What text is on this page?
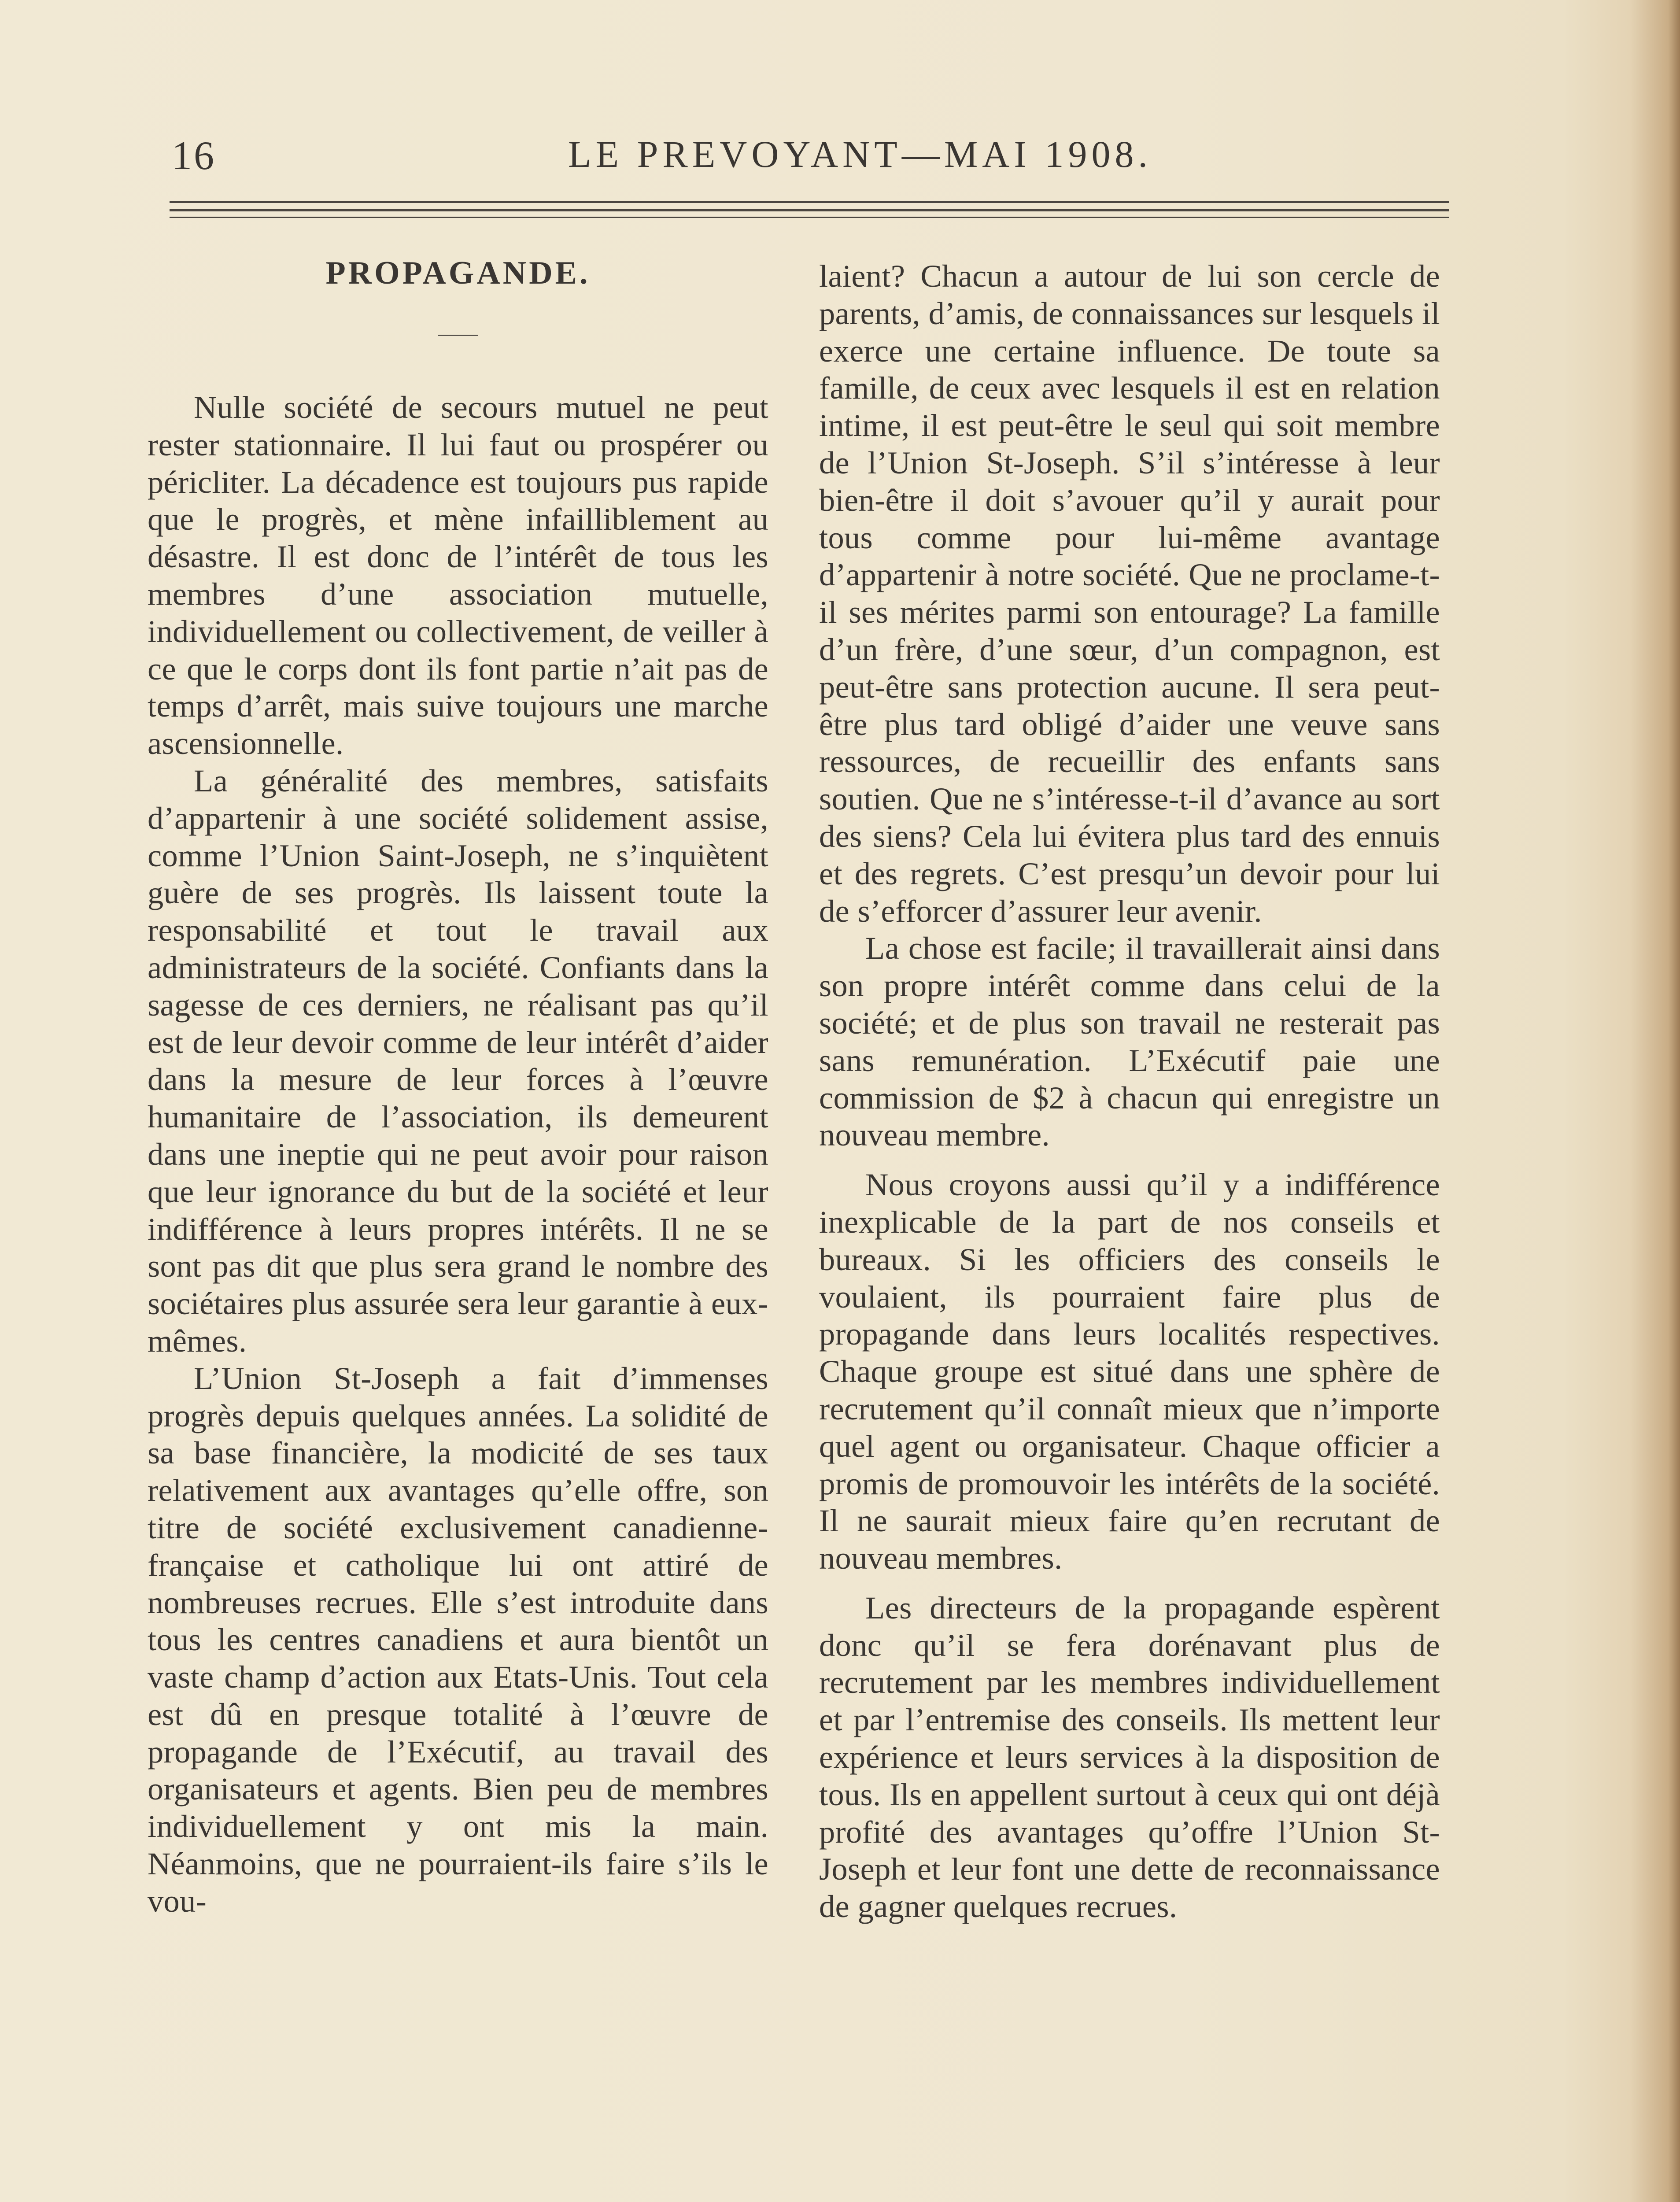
16	LE PREVOYANT—MAI 1908.
PROPAGANDE.

Nulle société de secours mutuel ne peut rester stationnaire. Il lui faut ou prospérer ou péricliter. La décadence est toujours pus rapide que le progrès, et mène infailliblement au désastre. Il est donc de l’intérêt de tous les membres d’une association mutuelle, individuellement ou collectivement, de veiller à ce que le corps dont ils font partie n’ait pas de temps d’arrêt, mais suive toujours une marche ascensionnelle.

La généralité des membres, satisfaits d’appartenir à une société solidement assise, comme l’Union Saint-Joseph, ne s’inquiètent guère de ses progrès. Ils laissent toute la responsabilité et tout le travail aux administrateurs de la société. Confiants dans la sagesse de ces derniers, ne réalisant pas qu’il est de leur devoir comme de leur intérêt d’aider dans la mesure de leur forces à l’œuvre humanitaire de l’association, ils demeurent dans une ineptie qui ne peut avoir pour raison que leur ignorance du but de la société et leur indifférence à leurs propres intérêts. Il ne se sont pas dit que plus sera grand le nombre des sociétaires plus assurée sera leur garantie à eux-mêmes.

L’Union St-Joseph a fait d’immenses progrès depuis quelques années. La solidité de sa base financière, la modicité de ses taux relativement aux avantages qu’elle offre, son titre de société exclusivement canadienne-française et catholique lui ont attiré de nombreuses recrues. Elle s’est introduite dans tous les centres canadiens et aura bientôt un vaste champ d’action aux Etats-Unis. Tout cela est dû en presque totalité à l’œuvre de propagande de l’Exécutif, au travail des organisateurs et agents. Bien peu de membres individuellement y ont mis la main. Néanmoins, que ne pourraient-ils faire s’ils le vou-

laient? Chacun a autour de lui son cercle de parents, d’amis, de connaissances sur lesquels il exerce une certaine influence. De toute sa famille, de ceux avec lesquels il est en relation intime, il est peut-être le seul qui soit membre de l’Union St-Joseph. S’il s’intéresse à leur bien-être il doit s’avouer qu’il y aurait pour tous comme pour lui-même avantage d’appartenir à notre société. Que ne proclame-t-il ses mérites parmi son entourage? La famille d’un frère, d’une sœur, d’un compagnon, est peut-être sans protection aucune. Il sera peut-être plus tard obligé d’aider une veuve sans ressources, de recueillir des enfants sans soutien. Que ne s’intéresse-t-il d’avance au sort des siens? Cela lui évitera plus tard des ennuis et des regrets. C’est presqu’un devoir pour lui de s’efforcer d’assurer leur avenir.

La chose est facile; il travaillerait ainsi dans son propre intérêt comme dans celui de la société; et de plus son travail ne resterait pas sans remunération. L’Exécutif paie une commission de $2 à chacun qui enregistre un nouveau membre.

Nous croyons aussi qu’il y a indifférence inexplicable de la part de nos conseils et bureaux. Si les officiers des conseils le voulaient, ils pourraient faire plus de propagande dans leurs localités respectives. Chaque groupe est situé dans une sphère de recrutement qu’il connaît mieux que n’importe quel agent ou organisateur. Chaque officier a promis de promouvoir les intérêts de la société. Il ne saurait mieux faire qu’en recrutant de nouveau membres.

Les directeurs de la propagande espèrent donc qu’il se fera dorénavant plus de recrutement par les membres individuellement et par l’entremise des conseils. Ils mettent leur expérience et leurs services à la disposition de tous. Ils en appellent surtout à ceux qui ont déjà profité des avantages qu’offre l’Union St-Joseph et leur font une dette de reconnaissance de gagner quelques recrues.
